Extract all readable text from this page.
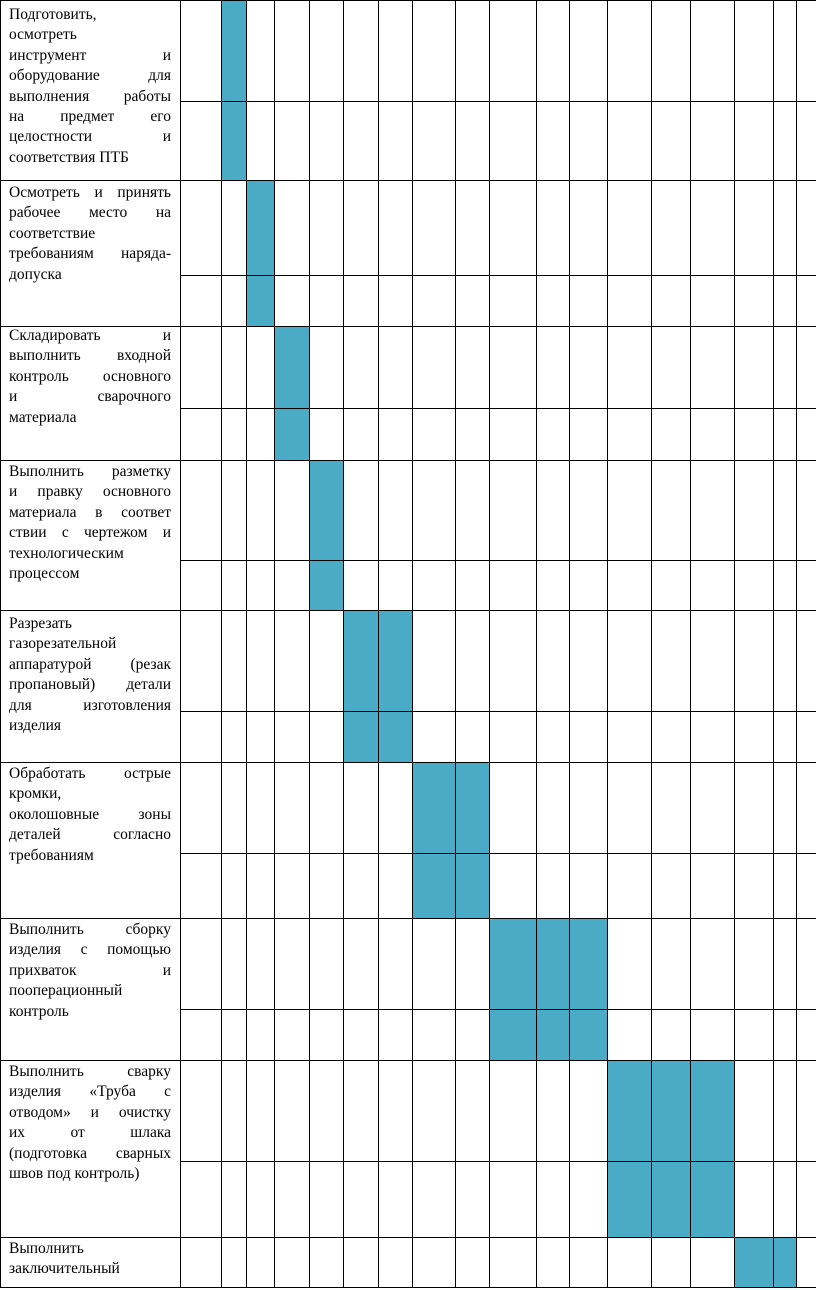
Подготовить,
осмотреть
инструмент и
оборудование для
выполнения работы
на предмет его
целостности и
соответствия ПТБ
Осмотреть и принять
рабочее место на
соответствие
требованиям наряда-
допуска
Складировать и
выполнить входной
контроль основного
и сварочного
материала
Выполнить разметку
и правку основного
материала в соответ
ствии с чертежом и
технологическим
процессом
Разрезать
газорезательной
аппаратурой (резак
пропановый) детали
для изготовления
изделия
Обработать острые
кромки,
околошовные зоны
деталей согласно
требованиям
Выполнить сборку
изделия с помощью
прихваток и
пооперационный
контроль
Выполнить сварку
изделия «Труба с
отводом» и очистку
их от шлака
(подготовка сварных
швов под контроль)
Выполнить
заключительный
